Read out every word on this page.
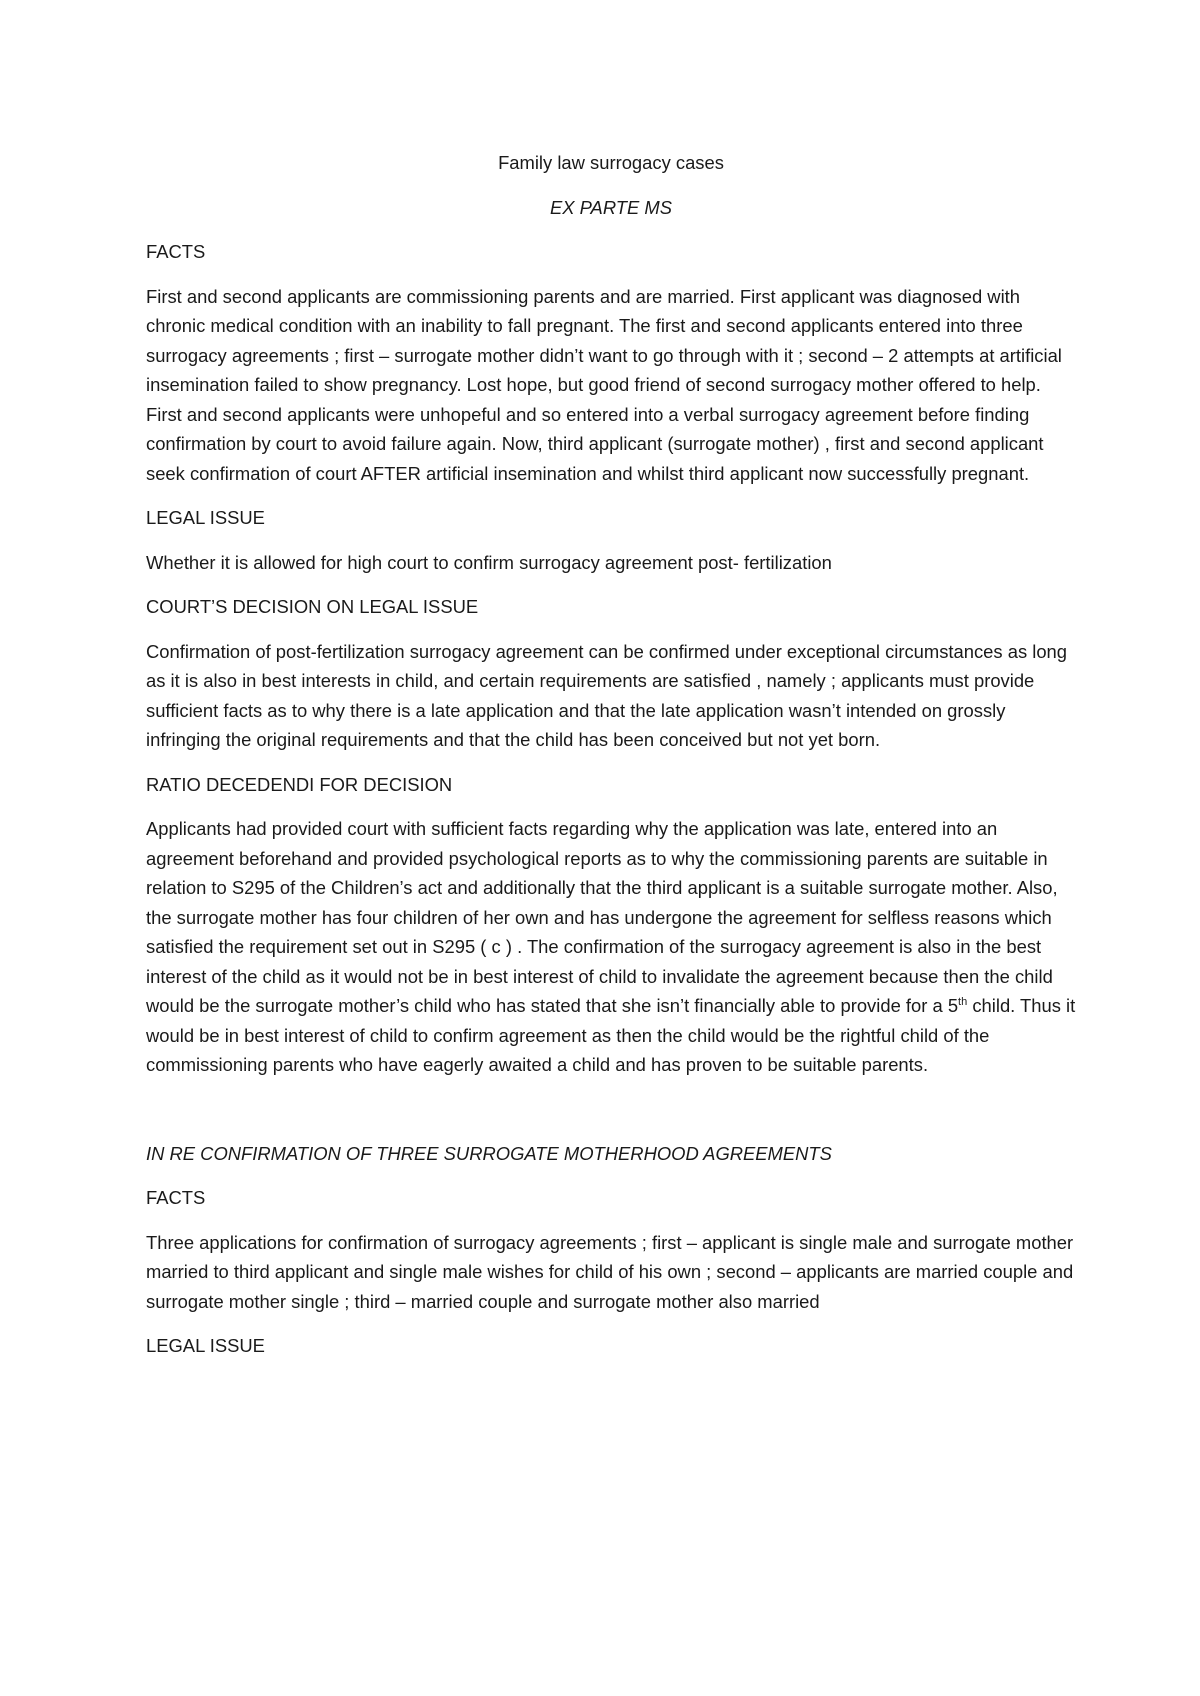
Family law surrogacy cases

EX PARTE MS

FACTS

First and second applicants are commissioning parents and are married. First applicant was diagnosed with chronic medical condition with an inability to fall pregnant. The first and second applicants entered into three surrogacy agreements ; first – surrogate mother didn’t want to go through with it ; second – 2 attempts at artificial insemination failed to show pregnancy. Lost hope, but good friend of second surrogacy mother offered to help. First and second applicants were unhopeful and so entered into a verbal surrogacy agreement before finding confirmation by court to avoid failure again. Now, third applicant (surrogate mother) , first and second applicant seek confirmation of court AFTER artificial insemination and whilst third applicant now successfully pregnant.

LEGAL ISSUE

Whether it is allowed for high court to confirm surrogacy agreement post- fertilization

COURT’S DECISION ON LEGAL ISSUE

Confirmation of post-fertilization surrogacy agreement can be confirmed under exceptional circumstances as long as it is also in best interests in child, and certain requirements are satisfied , namely ; applicants must provide sufficient facts as to why there is a late application and that the late application wasn’t intended on grossly infringing the original requirements and that the child has been conceived but not yet born.

RATIO DECEDENDI FOR DECISION

Applicants had provided court with sufficient facts regarding why the application was late, entered into an agreement beforehand and provided psychological reports as to why the commissioning parents are suitable in relation to S295 of the Children’s act and additionally that the third applicant is a suitable surrogate mother. Also, the surrogate mother has four children of her own and has undergone the agreement for selfless reasons which satisfied the requirement set out in S295 ( c ) . The confirmation of the surrogacy agreement is also in the best interest of the child as it would not be in best interest of child to invalidate the agreement because then the child would be the surrogate mother’s child who has stated that she isn’t financially able to provide for a 5th child. Thus it would be in best interest of child to confirm agreement as then the child would be the rightful child of the commissioning parents who have eagerly awaited a child and has proven to be suitable parents.

IN RE CONFIRMATION OF THREE SURROGATE MOTHERHOOD AGREEMENTS

FACTS

Three applications for confirmation of surrogacy agreements ; first – applicant is single male and surrogate mother married to third applicant and single male wishes for child of his own ; second – applicants are married couple and surrogate mother single ; third – married couple and surrogate mother also married

LEGAL ISSUE
